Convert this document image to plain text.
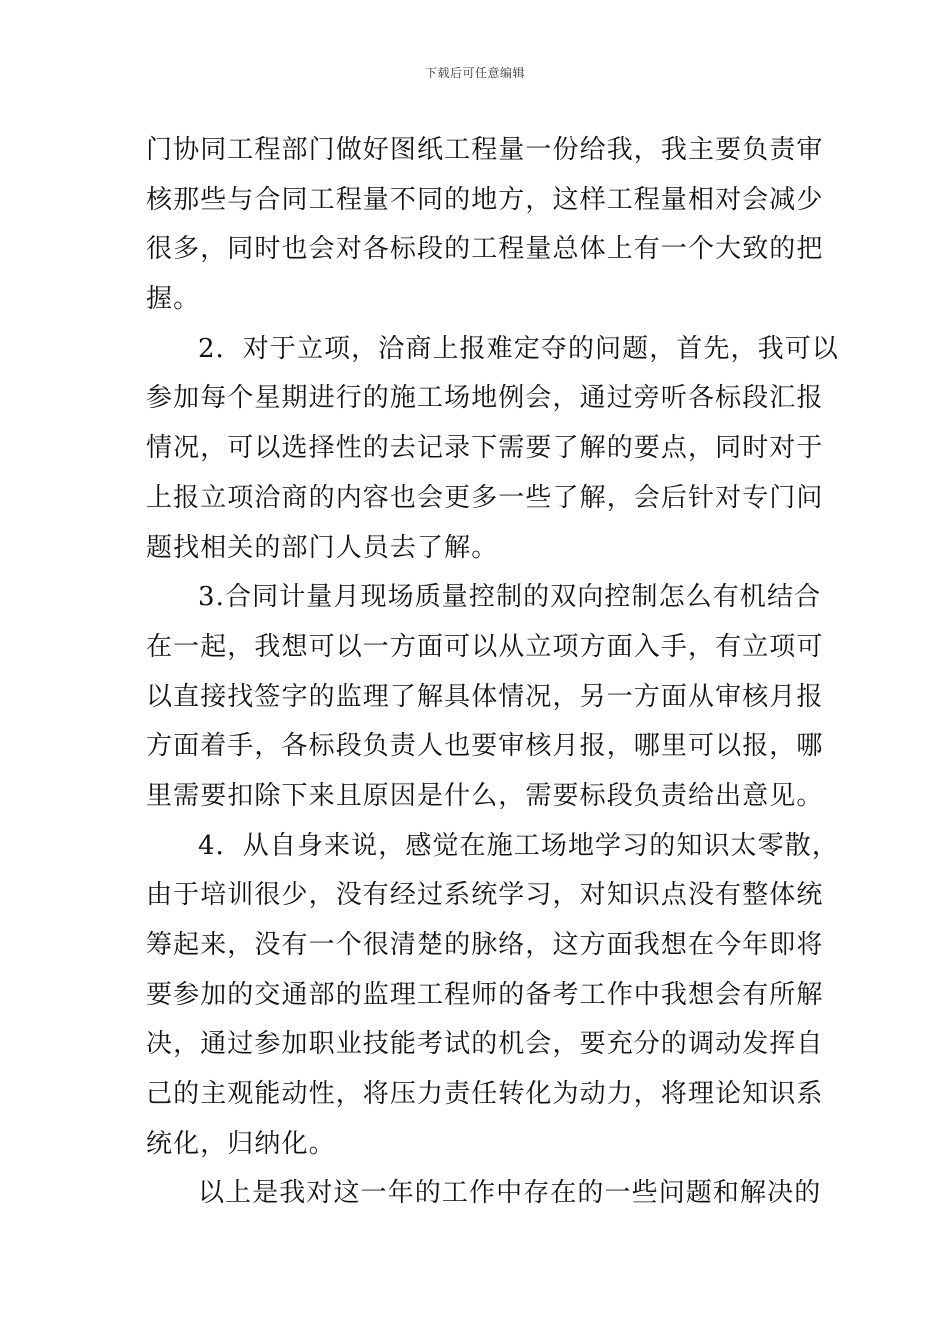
下载后可任意编辑
门协同工程部门做好图纸工程量一份给我，我主要负责审
核那些与合同工程量不同的地方，这样工程量相对会减少
很多，同时也会对各标段的工程量总体上有一个大致的把
握。
2．对于立项，洽商上报难定夺的问题，首先，我可以
参加每个星期进行的施工场地例会，通过旁听各标段汇报
情况，可以选择性的去记录下需要了解的要点，同时对于
上报立项洽商的内容也会更多一些了解，会后针对专门问
题找相关的部门人员去了解。
3.合同计量月现场质量控制的双向控制怎么有机结合
在一起，我想可以一方面可以从立项方面入手，有立项可
以直接找签字的监理了解具体情况，另一方面从审核月报
方面着手，各标段负责人也要审核月报，哪里可以报，哪
里需要扣除下来且原因是什么，需要标段负责给出意见。
4．从自身来说，感觉在施工场地学习的知识太零散，
由于培训很少，没有经过系统学习，对知识点没有整体统
筹起来，没有一个很清楚的脉络，这方面我想在今年即将
要参加的交通部的监理工程师的备考工作中我想会有所解
决，通过参加职业技能考试的机会，要充分的调动发挥自
己的主观能动性，将压力责任转化为动力，将理论知识系
统化，归纳化。
以上是我对这一年的工作中存在的一些问题和解决的
